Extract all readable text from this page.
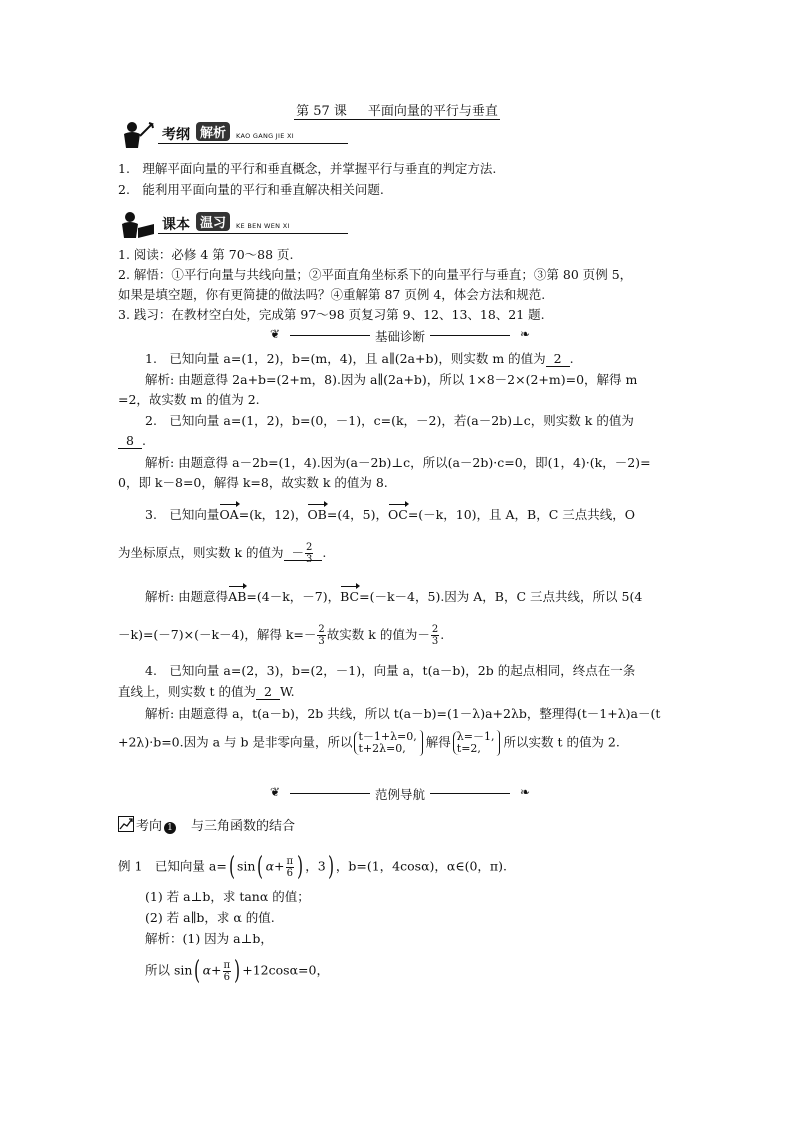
第 57 课　 平面向量的平行与垂直
考纲 解析	KAO GANG JIE XI
1.　理解平面向量的平行和垂直概念，并掌握平行与垂直的判定方法.
2.　能利用平面向量的平行和垂直解决相关问题.
课本 温习	KE BEN WEN XI
1. 阅读：必修 4 第 70～88 页.
2. 解悟：①平行向量与共线向量；②平面直角坐标系下的向量平行与垂直；③第 80 页例 5，
如果是填空题，你有更简捷的做法吗？④重解第 87 页例 4，体会方法和规范.
3. 践习：在教材空白处，完成第 97～98 页复习第 9、12、13、18、21 题.
❦	基础诊断	❧
1.　已知向量 a=(1，2)，b=(m，4)，且 a∥(2a+b)，则实数 m 的值为 2 .
解析: 由题意得 2a+b=(2+m，8).因为 a∥(2a+b)，所以 1×8－2×(2+m)=0，解得 m
=2，故实数 m 的值为 2.
2.　已知向量 a=(1，2)，b=(0，－1)，c=(k，－2)，若(a－2b)⊥c，则实数 k 的值为
8 .
解析: 由题意得 a－2b=(1，4).因为(a－2b)⊥c，所以(a－2b)·c=0，即(1，4)·(k，－2)=
0，即 k－8=0，解得 k=8，故实数 k 的值为 8.
3.　已知向量OA=(k，12)，OB=(4，5)，OC=(－k，10)，且 A，B，C 三点共线，O
为坐标原点，则实数 k 的值为 － $\frac{2}{3}$ .
解析: 由题意得AB=(4－k，－7)，BC=(－k－4，5).因为 A，B，C 三点共线，所以 5(4
－k)=(－7)×(－k－4)，解得 $k=- \frac{2}{3}$ 故实数 k 的值为－ $\frac{2}{3}$ .
4.　已知向量 a=(2，3)，b=(2，－1)，向量 a，t(a－b)，2b 的起点相同，终点在一条
直线上，则实数 t 的值为 2 W.
解析: 由题意得 a，t(a－b)，2b 共线，所以 t(a－b)=(1－λ)a+2λb，整理得(t－1+λ)a－(t
+2λ)·b=0.因为 a 与 b 是非零向量，所以 t－1+λ=0,
t+2λ=0, 解得 λ=－1,
t=2, 所以实数 t 的值为 2.
❦	范例导航	❧
考向 1　 与三角函数的结合
例 1　已知向量 a=( sin( $\alpha+ \frac{\pi}{6}$ ) ，3) ，b=(1，4cosα)，α∈(0，π).
(1) 若 a⊥b，求 tanα 的值；
(2) 若 a∥b，求 α 的值.
解析：(1) 因为 a⊥b，
所以 sin( $\alpha+ \frac{\pi}{6}$ ) +12cosα=0，
